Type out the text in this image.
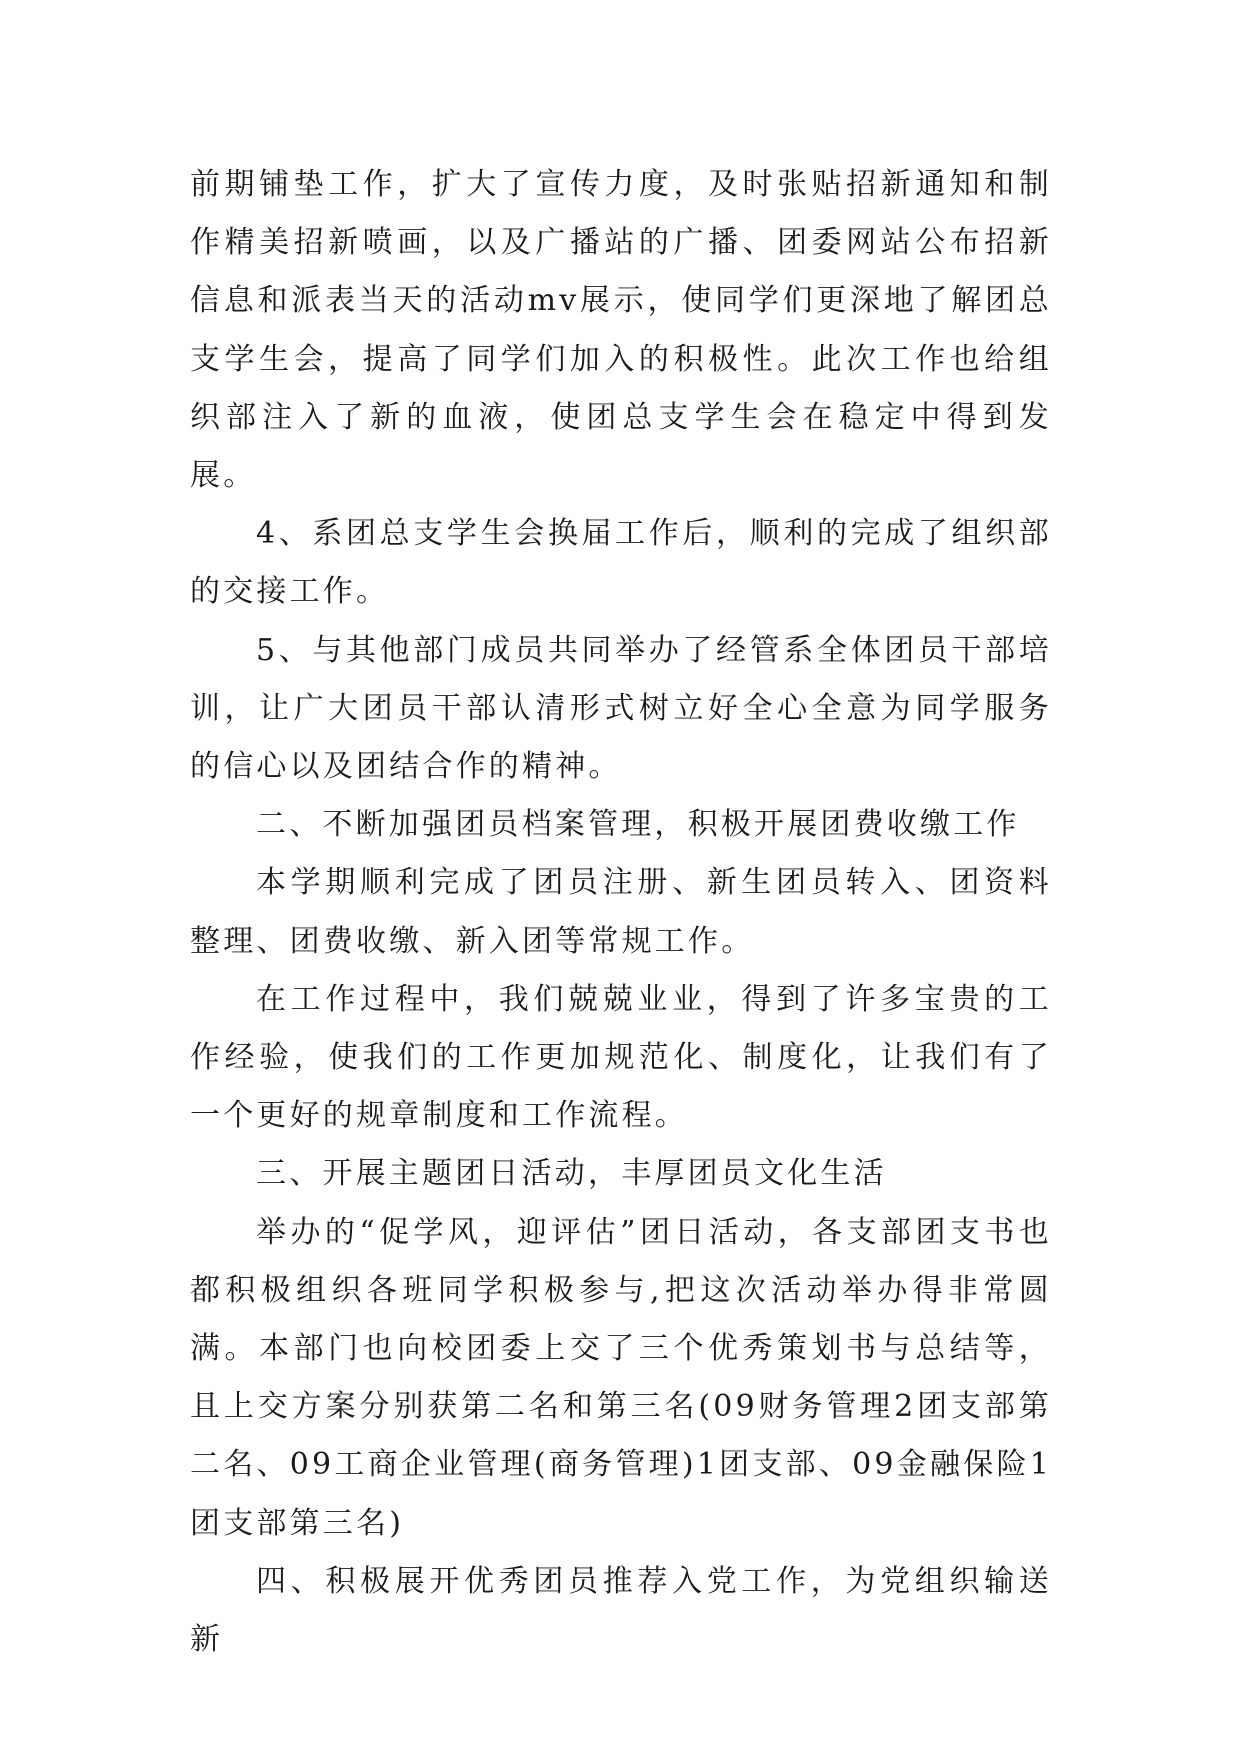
前期铺垫工作，扩大了宣传力度，及时张贴招新通知和制作精美招新喷画，以及广播站的广播、团委网站公布招新信息和派表当天的活动mv展示，使同学们更深地了解团总支学生会，提高了同学们加入的积极性。此次工作也给组织部注入了新的血液，使团总支学生会在稳定中得到发展。

4、系团总支学生会换届工作后，顺利的完成了组织部的交接工作。

5、与其他部门成员共同举办了经管系全体团员干部培训，让广大团员干部认清形式树立好全心全意为同学服务的信心以及团结合作的精神。

二、不断加强团员档案管理，积极开展团费收缴工作

本学期顺利完成了团员注册、新生团员转入、团资料整理、团费收缴、新入团等常规工作。

在工作过程中，我们兢兢业业，得到了许多宝贵的工作经验，使我们的工作更加规范化、制度化，让我们有了一个更好的规章制度和工作流程。

三、开展主题团日活动，丰厚团员文化生活

举办的“促学风，迎评估”团日活动，各支部团支书也都积极组织各班同学积极参与,把这次活动举办得非常圆满。本部门也向校团委上交了三个优秀策划书与总结等，且上交方案分别获第二名和第三名(09财务管理2团支部第二名、09工商企业管理(商务管理)1团支部、09金融保险1团支部第三名)

四、积极展开优秀团员推荐入党工作，为党组织输送新
